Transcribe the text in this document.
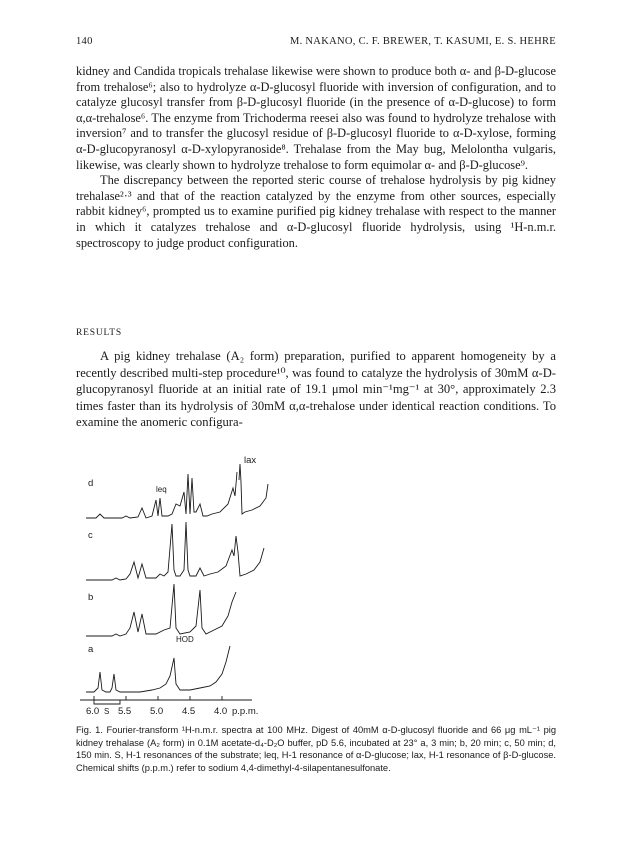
140	M. NAKANO, C. F. BREWER, T. KASUMI, E. S. HEHRE

kidney and Candida tropicals trehalase likewise were shown to produce both α- and β-D-glucose from trehalose⁶; also to hydrolyze α-D-glucosyl fluoride with inversion of configuration, and to catalyze glucosyl transfer from β-D-glucosyl fluoride (in the presence of α-D-glucose) to form α,α-trehalose⁶. The enzyme from Trichoderma reesei also was found to hydrolyze trehalose with inversion⁷ and to transfer the glucosyl residue of β-D-glucosyl fluoride to α-D-xylose, forming α-D-glucopyranosyl α-D-xylopyranoside⁸. Trehalase from the May bug, Melolontha vulgaris, likewise, was clearly shown to hydrolyze trehalose to form equimolar α- and β-D-glucose⁹.

The discrepancy between the reported steric course of trehalose hydrolysis by pig kidney trehalase²·³ and that of the reaction catalyzed by the enzyme from other sources, especially rabbit kidney⁶, prompted us to examine purified pig kidney trehalase with respect to the manner in which it catalyzes trehalose and α-D-glucosyl fluoride hydrolysis, using ¹H-n.m.r. spectroscopy to judge product configuration.

RESULTS

A pig kidney trehalase (A₂ form) preparation, purified to apparent homogeneity by a recently described multi-step procedure¹⁰, was found to catalyze the hydrolysis of 30mM α-D-glucopyranosyl fluoride at an initial rate of 19.1 μmol min⁻¹mg⁻¹ at 30°, approximately 2.3 times faster than its hydrolysis of 30mM α,α-trehalose under identical reaction conditions. To examine the anomeric configura-

d
lax
leq
c
b
HOD
a
S
6.0 5.5 5.0 4.5 4.0 p.p.m.
Fig. 1. Fourier-transform ¹H-n.m.r. spectra at 100 MHz. Digest of 40mM α-D-glucosyl fluoride and 66 μg mL⁻¹ pig kidney trehalase (A₂ form) in 0.1M acetate-d₄-D₂O buffer, pD 5.6, incubated at 23° a, 3 min; b, 20 min; c, 50 min; d, 150 min. S, H-1 resonances of the substrate; leq, H-1 resonance of α-D-glucose; lax, H-1 resonance of β-D-glucose. Chemical shifts (p.p.m.) refer to sodium 4,4-dimethyl-4-silapentanesulfonate.
